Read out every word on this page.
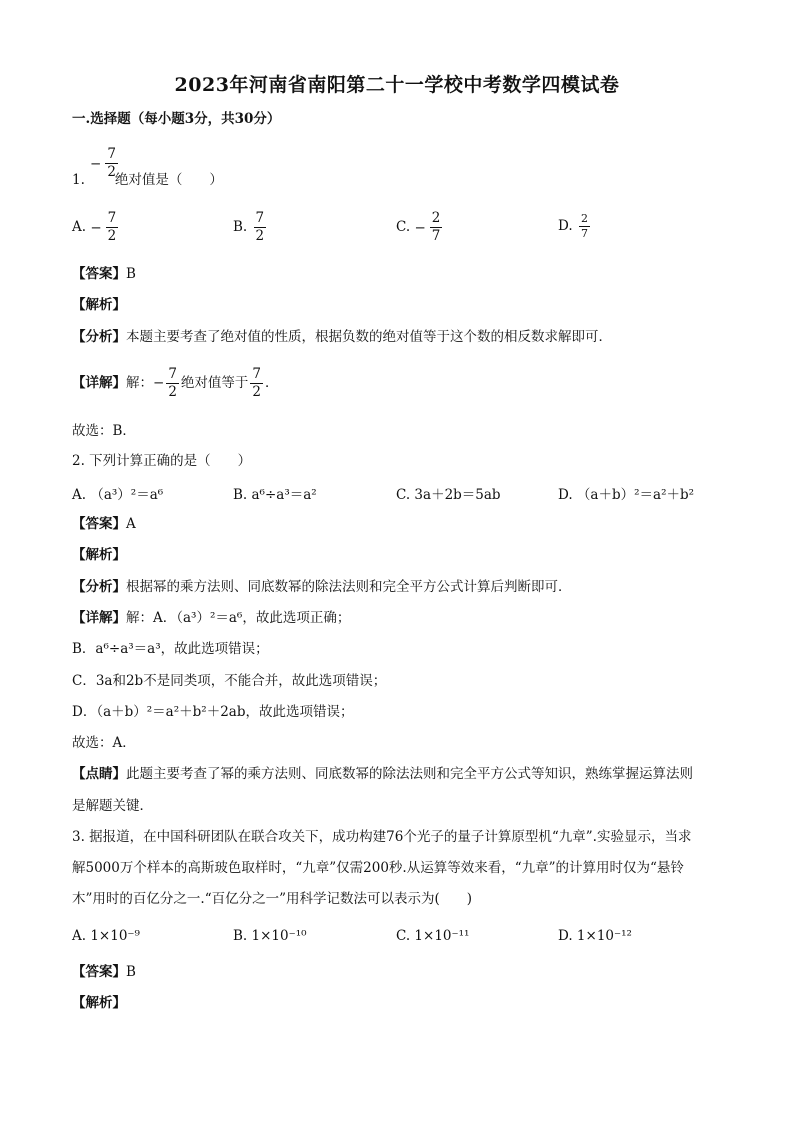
2023年河南省南阳第二十一学校中考数学四模试卷
一.选择题（每小题3分，共30分）
− $\frac{7}{2}$
1. 绝对值是（　　）
A. − $\frac{7}{2}$	B. $\frac{7}{2}$	C. − $\frac{2}{7}$	D. $\frac{2}{7}$
【答案】B
【解析】
【分析】本题主要考查了绝对值的性质，根据负数的绝对值等于这个数的相反数求解即可．
【详解】解：− $\frac{7}{2}$ 绝对值等于 $\frac{7}{2}$ ．
故选：B．
2. 下列计算正确的是（　　）
A. （a³）²＝a⁶	B. a⁶÷a³＝a²	C. 3a＋2b＝5ab	D. （a＋b）²＝a²＋b²
【答案】A
【解析】
【分析】根据幂的乘方法则、同底数幂的除法法则和完全平方公式计算后判断即可．
【详解】解：A．（a³）²＝a⁶，故此选项正确；
B．a⁶÷a³＝a³，故此选项错误；
C．3a和2b不是同类项，不能合并，故此选项错误；
D．（a＋b）²＝a²＋b²＋2ab，故此选项错误；
故选：A．
【点睛】此题主要考查了幂的乘方法则、同底数幂的除法法则和完全平方公式等知识，熟练掌握运算法则
是解题关键．
3. 据报道，在中国科研团队在联合攻关下，成功构建76个光子的量子计算原型机“九章”.实验显示，当求
解5000万个样本的高斯玻色取样时，“九章”仅需200秒.从运算等效来看，“九章”的计算用时仅为“悬铃
木”用时的百亿分之一.“百亿分之一”用科学记数法可以表示为(　　)
A. 1×10⁻⁹	B. 1×10⁻¹⁰	C. 1×10⁻¹¹	D. 1×10⁻¹²
【答案】B
【解析】
